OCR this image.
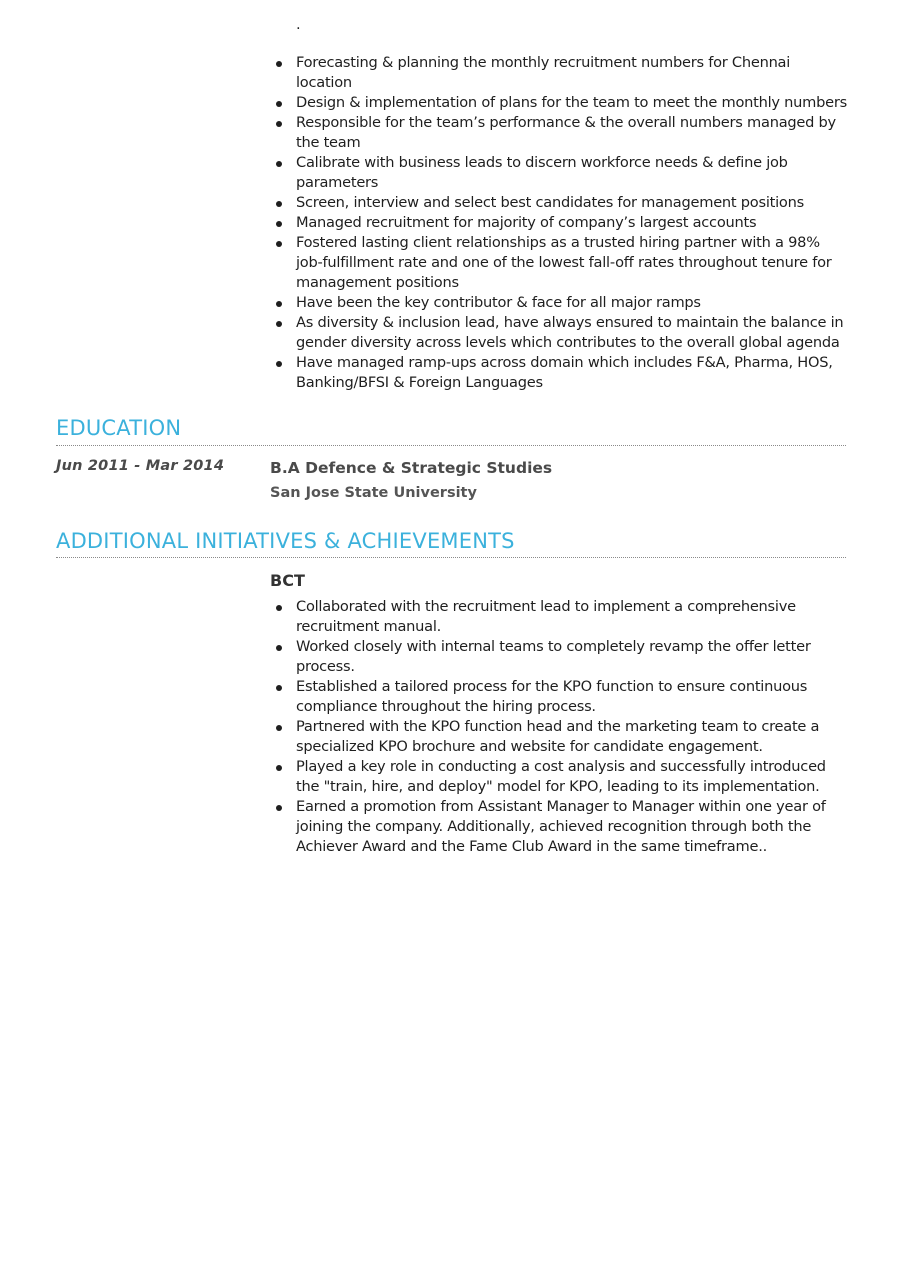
.
Forecasting & planning the monthly recruitment numbers for Chennai location
Design & implementation of plans for the team to meet the monthly numbers
Responsible for the team’s performance & the overall numbers managed by the team
Calibrate with business leads to discern workforce needs & define job parameters
Screen, interview and select best candidates for management positions
Managed recruitment for majority of company’s largest accounts
Fostered lasting client relationships as a trusted hiring partner with a 98% job-fulfillment rate and one of the lowest fall-off rates throughout tenure for management positions
Have been the key contributor & face for all major ramps
As diversity & inclusion lead, have always ensured to maintain the balance in gender diversity across levels which contributes to the overall global agenda
Have managed ramp-ups across domain which includes F&A, Pharma, HOS, Banking/BFSI & Foreign Languages
EDUCATION
Jun 2011 - Mar 2014	B.A Defence & Strategic Studies
San Jose State University
ADDITIONAL INITIATIVES & ACHIEVEMENTS
BCT
Collaborated with the recruitment lead to implement a comprehensive recruitment manual.
Worked closely with internal teams to completely revamp the offer letter process.
Established a tailored process for the KPO function to ensure continuous compliance throughout the hiring process.
Partnered with the KPO function head and the marketing team to create a specialized KPO brochure and website for candidate engagement.
Played a key role in conducting a cost analysis and successfully introduced the "train, hire, and deploy" model for KPO, leading to its implementation.
Earned a promotion from Assistant Manager to Manager within one year of joining the company. Additionally, achieved recognition through both the Achiever Award and the Fame Club Award in the same timeframe..
